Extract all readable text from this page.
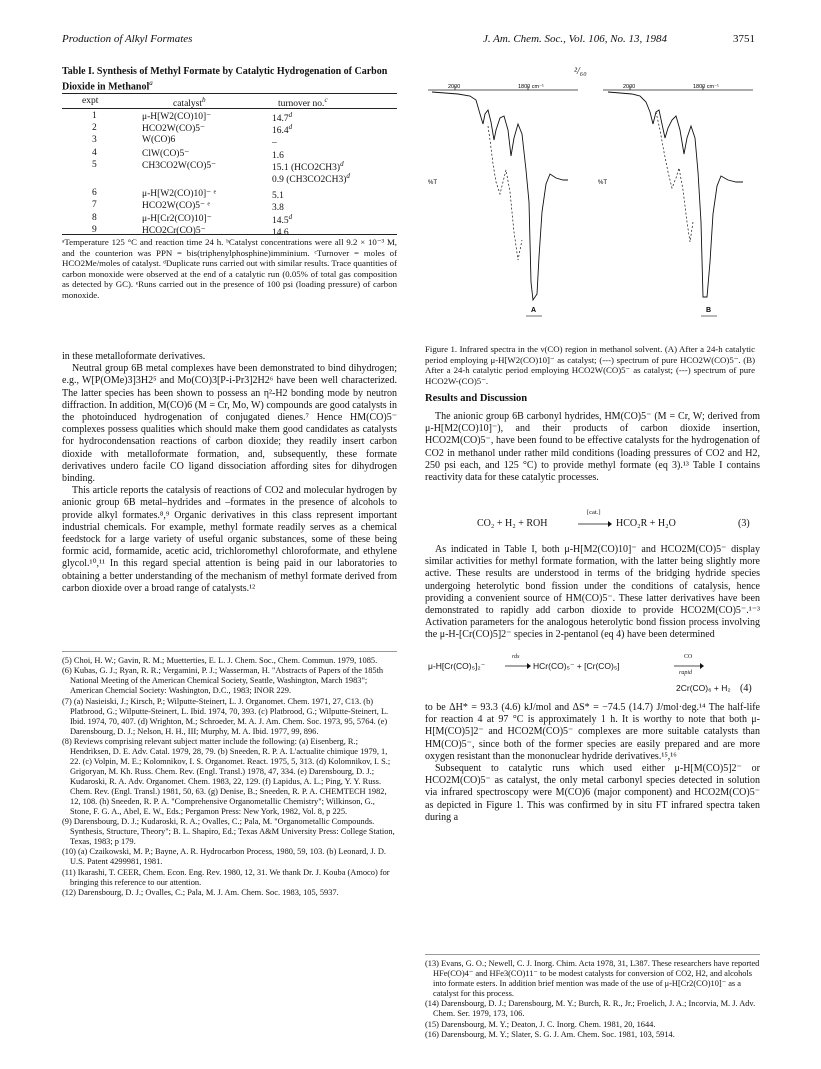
Production of Alkyl Formates	J. Am. Chem. Soc., Vol. 106, No. 13, 1984	3751
Table I. Synthesis of Methyl Formate by Catalytic Hydrogenation of Carbon Dioxide in Methanol$^a$
expt	catalyst$^b$	turnover no.$^c$
1	μ-H[W2(CO)10]⁻	14.7$^d$
2	HCO2W(CO)5⁻	16.4$^d$
3	W(CO)6	–
4	ClW(CO)5⁻	1.6
5	CH3CO2W(CO)5⁻	15.1 $(HCO2CH3)^d$
0.9 $(CH3CO2CH3)^d$
6	μ-H[W2(CO)10]⁻ ᵉ	5.1
7	HCO2W(CO)5⁻ ᵉ	3.8
8	μ-H[Cr2(CO)10]⁻	14.5$^d$
9	HCO2Cr(CO)5⁻	14.6
ᵃTemperature 125 °C and reaction time 24 h. ᵇCatalyst concentrations were all 9.2 × 10⁻³ M, and the counterion was PPN = bis(triphenylphosphine)imminium. ᶜTurnover = moles of HCO2Me/moles of catalyst. ᵈDuplicate runs carried out with similar results. Trace quantities of carbon monoxide were observed at the end of a catalytic run (0.05% of total gas composition as detected by GC). ᵉRuns carried out in the presence of 100 psi (loading pressure) of carbon monoxide.

in these metalloformate derivatives.

Neutral group 6B metal complexes have been demonstrated to bind dihydrogen; e.g., W[P(OMe)3]3H2⁵ and Mo(CO)3[P-i-Pr3]2H2⁶ have been well characterized. The latter species has been shown to possess an η²-H2 bonding mode by neutron diffraction. In addition, M(CO)6 (M = Cr, Mo, W) compounds are good catalysts in the photoinduced hydrogenation of conjugated dienes.⁷ Hence HM(CO)5⁻ complexes possess qualities which should make them good candidates as catalysts for hydrocondensation reactions of carbon dioxide; they readily insert carbon dioxide with metalloformate formation, and, subsequently, these formate derivatives undero facile CO ligand dissociation affording sites for dihydrogen binding.

This article reports the catalysis of reactions of CO2 and molecular hydrogen by anionic group 6B metal–hydrides and –formates in the presence of alcohols to provide alkyl formates.⁸,⁹ Organic derivatives in this class represent important industrial chemicals. For example, methyl formate readily serves as a chemical feedstock for a large variety of useful organic substances, some of these being formic acid, formamide, acetic acid, trichloromethyl chloroformate, and ethylene glycol.¹⁰,¹¹ In this regard special attention is being paid in our laboratories to obtaining a better understanding of the mechanism of methyl formate derived from carbon dioxide over a broad range of catalysts.¹²

(5) Choi, H. W.; Gavin, R. M.; Muetterties, E. L. J. Chem. Soc., Chem. Commun. 1979, 1085.

(6) Kubas, G. J.; Ryan, R. R.; Vergamini, P. J.; Wasserman, H. "Abstracts of Papers of the 185th National Meeting of the American Chemical Society, Seattle, Washington, March 1983"; American Chemcial Society: Washington, D.C., 1983; INOR 229.

(7) (a) Nasieiski, J.; Kirsch, P.; Wilputte-Steinert, L. J. Organomet. Chem. 1971, 27, C13. (b) Platbrood, G.; Wilputte-Steinert, L. Ibid. 1974, 70, 393. (c) Platbrood, G.; Wilputte-Steinert, L. Ibid. 1974, 70, 407. (d) Wrighton, M.; Schroeder, M. A. J. Am. Chem. Soc. 1973, 95, 5764. (e) Darensbourg, D. J.; Nelson, H. H., III; Murphy, M. A. Ibid. 1977, 99, 896.

(8) Reviews comprising relevant subject matter include the following: (a) Eisenberg, R.; Hendriksen, D. E. Adv. Catal. 1979, 28, 79. (b) Sneeden, R. P. A. L'actualite chimique 1979, 1, 22. (c) Volpin, M. E.; Kolomnikov, I. S. Organomet. React. 1975, 5, 313. (d) Kolomnikov, I. S.; Grigoryan, M. Kh. Russ. Chem. Rev. (Engl. Transl.) 1978, 47, 334. (e) Darensbourg, D. J.; Kudaroski, R. A. Adv. Organomet. Chem. 1983, 22, 129. (f) Lapidus, A. L.; Ping, Y. Y. Russ. Chem. Rev. (Engl. Transl.) 1981, 50, 63. (g) Denise, B.; Sneeden, R. P. A. CHEMTECH 1982, 12, 108. (h) Sneeden, R. P. A. "Comprehensive Organometallic Chemistry"; Wilkinson, G., Stone, F. G. A., Abel, E. W., Eds.; Pergamon Press: New York, 1982, Vol. 8, p 225.

(9) Darensbourg, D. J.; Kudaroski, R. A.; Ovalles, C.; Pala, M. "Organometallic Compounds. Synthesis, Structure, Theory"; B. L. Shapiro, Ed.; Texas A&M University Press: College Station, Texas, 1983; p 179.

(10) (a) Czaikowski, M. P.; Bayne, A. R. Hydrocarbon Process, 1980, 59, 103. (b) Leonard, J. D. U.S. Patent 4299981, 1981.

(11) Ikarashi, T. CEER, Chem. Econ. Eng. Rev. 1980, 12, 31. We thank Dr. J. Kouba (Amoco) for bringing this reference to our attention.

(12) Darensbourg, D. J.; Ovalles, C.; Pala, M. J. Am. Chem. Soc. 1983, 105, 5937.

²/₆₀
2000	1800 cm⁻¹	2000	1800 cm⁻¹
%T	%T
A	B
Figure 1. Infrared spectra in the ν(CO) region in methanol solvent. (A) After a 24-h catalytic period employing μ-H[W2(CO)10]⁻ as catalyst; (---) spectrum of pure HCO2W(CO)5⁻. (B) After a 24-h catalytic period employing HCO2W(CO)5⁻ as catalyst; (---) spectrum of pure HCO2W-(CO)5⁻.
Results and Discussion

The anionic group 6B carbonyl hydrides, HM(CO)5⁻ (M = Cr, W; derived from μ-H[M2(CO)10]⁻), and their products of carbon dioxide insertion, HCO2M(CO)5⁻, have been found to be effective catalysts for the hydrogenation of CO2 in methanol under rather mild conditions (loading pressures of CO2 and H2, 250 psi each, and 125 °C) to provide methyl formate (eq 3).¹³ Table I contains reactivity data for these catalytic processes.

CO₂ + H₂ + ROH
[cat.]
HCO₂R + H₂O	(3)

As indicated in Table I, both μ-H[M2(CO)10]⁻ and HCO2M(CO)5⁻ display similar activities for methyl formate formation, with the latter being slightly more active. These results are understood in terms of the bridging hydride species undergoing heterolytic bond fission under the conditions of catalysis, hence providing a convenient source of HM(CO)5⁻. These latter derivatives have been demonstrated to rapidly add carbon dioxide to provide HCO2M(CO)5⁻.¹⁻³ Activation parameters for the analogous heterolytic bond fission process involving the μ-H-[Cr(CO)5]2⁻ species in 2-pentanol (eq 4) have been determined

μ-H[Cr(CO)₅]₂⁻
rds
HCr(CO)₅⁻ + [Cr(CO)₅]
CO
rapid
2Cr(CO)₆ + H₂ (4)

to be ΔH* = 93.3 (4.6) kJ/mol and ΔS* = −74.5 (14.7) J/mol·deg.¹⁴ The half-life for reaction 4 at 97 °C is approximately 1 h. It is worthy to note that both μ-H[M(CO)5]2⁻ and HCO2M(CO)5⁻ complexes are more suitable catalysts than HM(CO)5⁻, since both of the former species are easily prepared and are more oxygen resistant than the mononuclear hydride derivatives.¹⁵,¹⁶

Subsequent to catalytic runs which used either μ-H[M(CO)5]2⁻ or HCO2M(CO)5⁻ as catalyst, the only metal carbonyl species detected in solution via infrared spectroscopy were M(CO)6 (major component) and HCO2M(CO)5⁻ as depicted in Figure 1. This was confirmed by in situ FT infrared spectra taken during a

(13) Evans, G. O.; Newell, C. J. Inorg. Chim. Acta 1978, 31, L387. These researchers have reported HFe(CO)4⁻ and HFe3(CO)11⁻ to be modest catalysts for conversion of CO2, H2, and alcohols into formate esters. In addition brief mention was made of the use of μ-H[Cr2(CO)10]⁻ as a catalyst for this process.

(14) Darensbourg, D. J.; Darensbourg, M. Y.; Burch, R. R., Jr.; Froelich, J. A.; Incorvia, M. J. Adv. Chem. Ser. 1979, 173, 106.

(15) Darensbourg, M. Y.; Deaton, J. C. Inorg. Chem. 1981, 20, 1644.

(16) Darensbourg, M. Y.; Slater, S. G. J. Am. Chem. Soc. 1981, 103, 5914.
